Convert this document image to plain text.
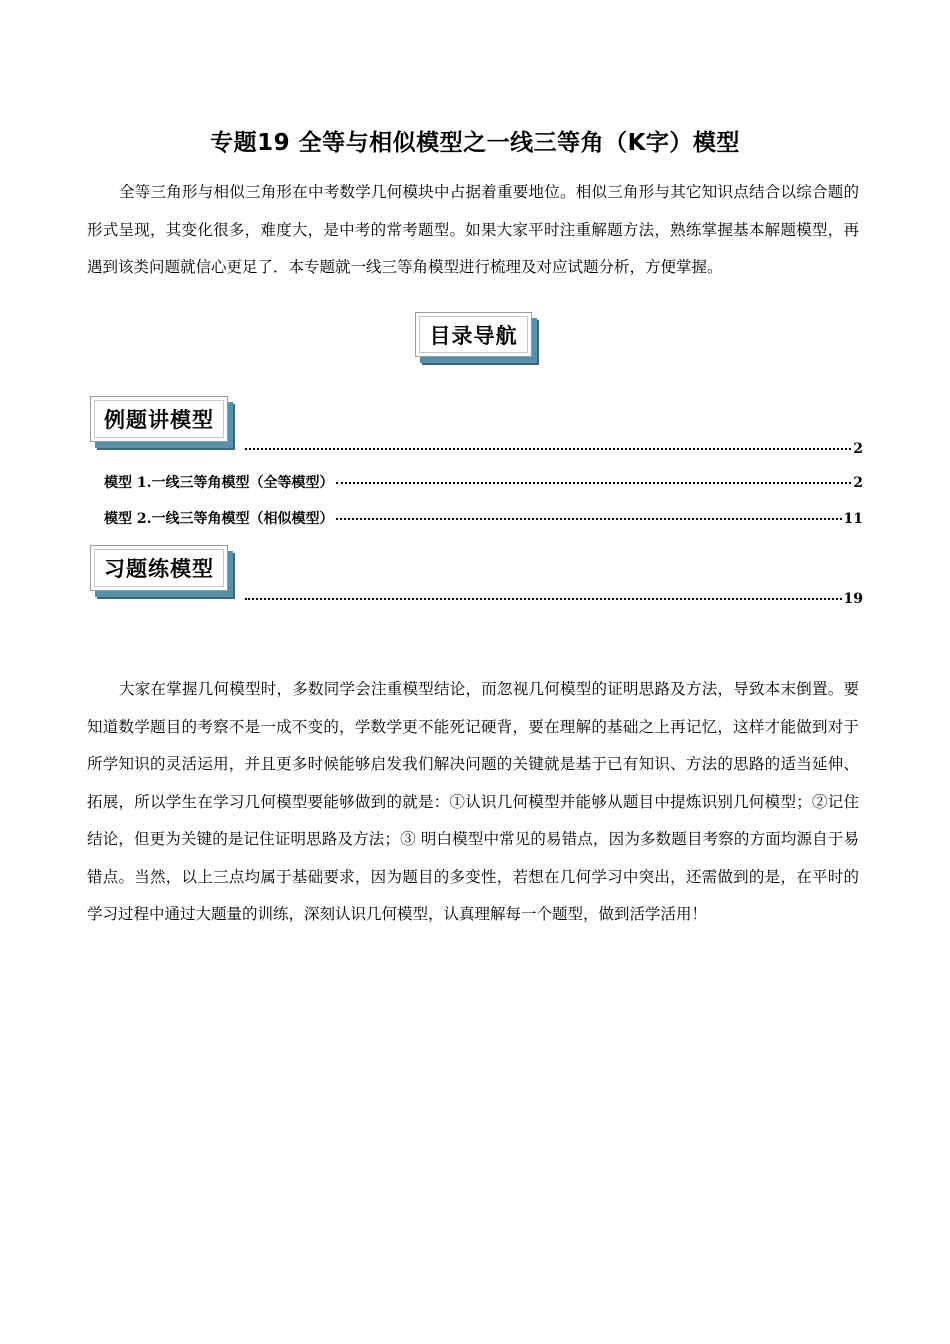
专题19 全等与相似模型之一线三等角（K字）模型

全等三角形与相似三角形在中考数学几何模块中占据着重要地位。相似三角形与其它知识点结合以综合题的形式呈现，其变化很多，难度大，是中考的常考题型。如果大家平时注重解题方法，熟练掌握基本解题模型，再遇到该类问题就信心更足了．本专题就一线三等角模型进行梳理及对应试题分析，方便掌握。

目录导航
例题讲模型
2
模型 1.一线三等角模型（全等模型）	2
模型 2.一线三等角模型（相似模型）	11
习题练模型
19

大家在掌握几何模型时，多数同学会注重模型结论，而忽视几何模型的证明思路及方法，导致本末倒置。要知道数学题目的考察不是一成不变的，学数学更不能死记硬背，要在理解的基础之上再记忆，这样才能做到对于所学知识的灵活运用，并且更多时候能够启发我们解决问题的关键就是基于已有知识、方法的思路的适当延伸、拓展，所以学生在学习几何模型要能够做到的就是：①认识几何模型并能够从题目中提炼识别几何模型；②记住结论，但更为关键的是记住证明思路及方法；③ 明白模型中常见的易错点，因为多数题目考察的方面均源自于易错点。当然，以上三点均属于基础要求，因为题目的多变性，若想在几何学习中突出，还需做到的是，在平时的学习过程中通过大题量的训练，深刻认识几何模型，认真理解每一个题型，做到活学活用！
